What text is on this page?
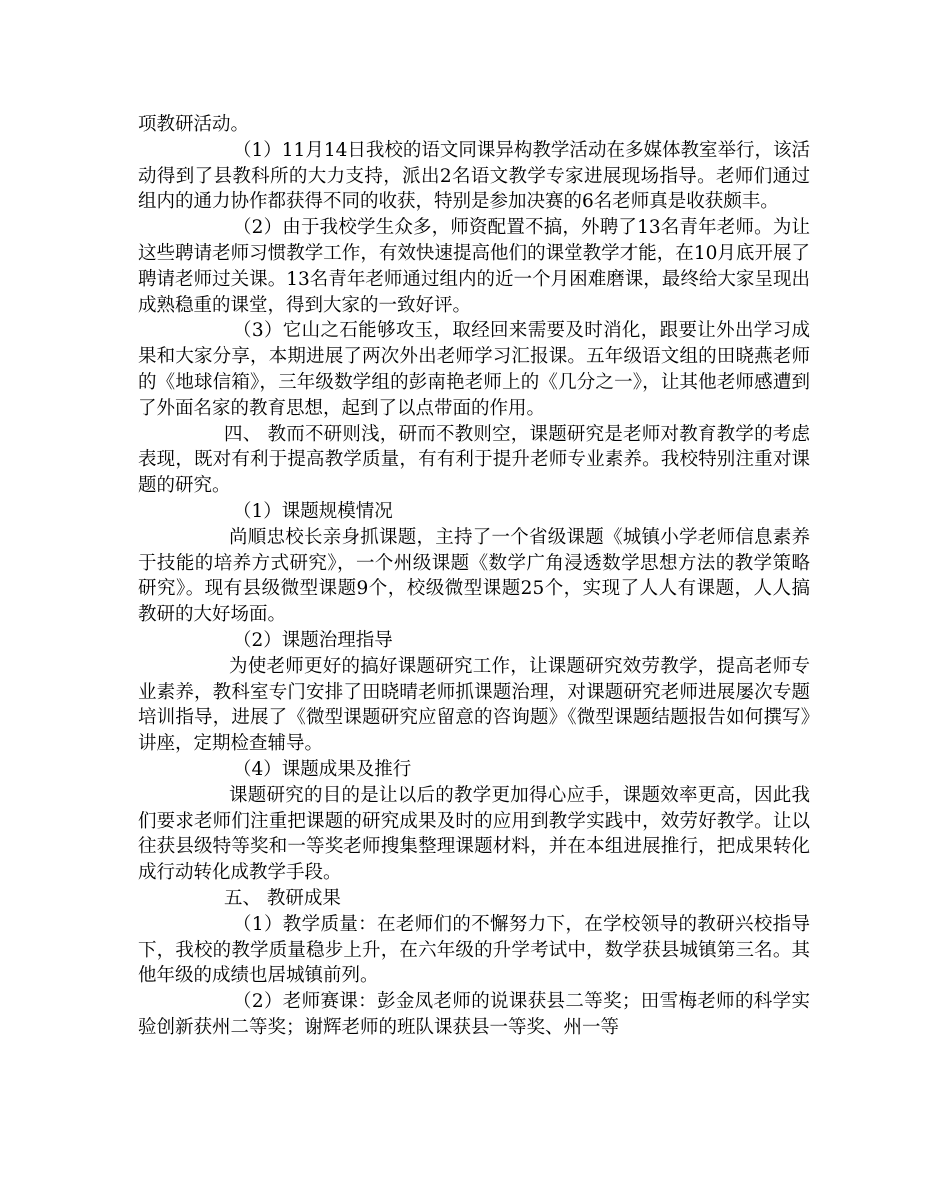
项教研活动。

（1）11月14日我校的语文同课异构教学活动在多媒体教室举行，该活动得到了县教科所的大力支持，派出2名语文教学专家进展现场指导。老师们通过组内的通力协作都获得不同的收获，特别是参加决赛的6名老师真是收获颇丰。

（2）由于我校学生众多，师资配置不搞，外聘了13名青年老师。为让这些聘请老师习惯教学工作，有效快速提高他们的课堂教学才能，在10月底开展了聘请老师过关课。13名青年老师通过组内的近一个月困难磨课，最终给大家呈现出成熟稳重的课堂，得到大家的一致好评。

（3）它山之石能够攻玉，取经回来需要及时消化，跟要让外出学习成果和大家分享，本期进展了两次外出老师学习汇报课。五年级语文组的田晓燕老师的《地球信箱》，三年级数学组的彭南艳老师上的《几分之一》，让其他老师感遭到了外面名家的教育思想，起到了以点带面的作用。

四、 教而不研则浅，研而不教则空，课题研究是老师对教育教学的考虑表现，既对有利于提高教学质量，有有利于提升老师专业素养。我校特别注重对课题的研究。

（1）课题规模情况

尚順忠校长亲身抓课题，主持了一个省级课题《城镇小学老师信息素养于技能的培养方式研究》，一个州级课题《数学广角浸透数学思想方法的教学策略研究》。现有县级微型课题9个，校级微型课题25个，实现了人人有课题，人人搞教研的大好场面。

（2）课题治理指导

为使老师更好的搞好课题研究工作，让课题研究效劳教学，提高老师专业素养，教科室专门安排了田晓晴老师抓课题治理，对课题研究老师进展屡次专题培训指导，进展了《微型课题研究应留意的咨询题》《微型课题结题报告如何撰写》讲座，定期检查辅导。

（4）课题成果及推行

课题研究的目的是让以后的教学更加得心应手，课题效率更高，因此我们要求老师们注重把课题的研究成果及时的应用到教学实践中，效劳好教学。让以往获县级特等奖和一等奖老师搜集整理课题材料，并在本组进展推行，把成果转化成行动转化成教学手段。

五、 教研成果

（1）教学质量：在老师们的不懈努力下，在学校领导的教研兴校指导下，我校的教学质量稳步上升，在六年级的升学考试中，数学获县城镇第三名。其他年级的成绩也居城镇前列。

（2）老师赛课：彭金凤老师的说课获县二等奖；田雪梅老师的科学实验创新获州二等奖；谢辉老师的班队课获县一等奖、州一等
